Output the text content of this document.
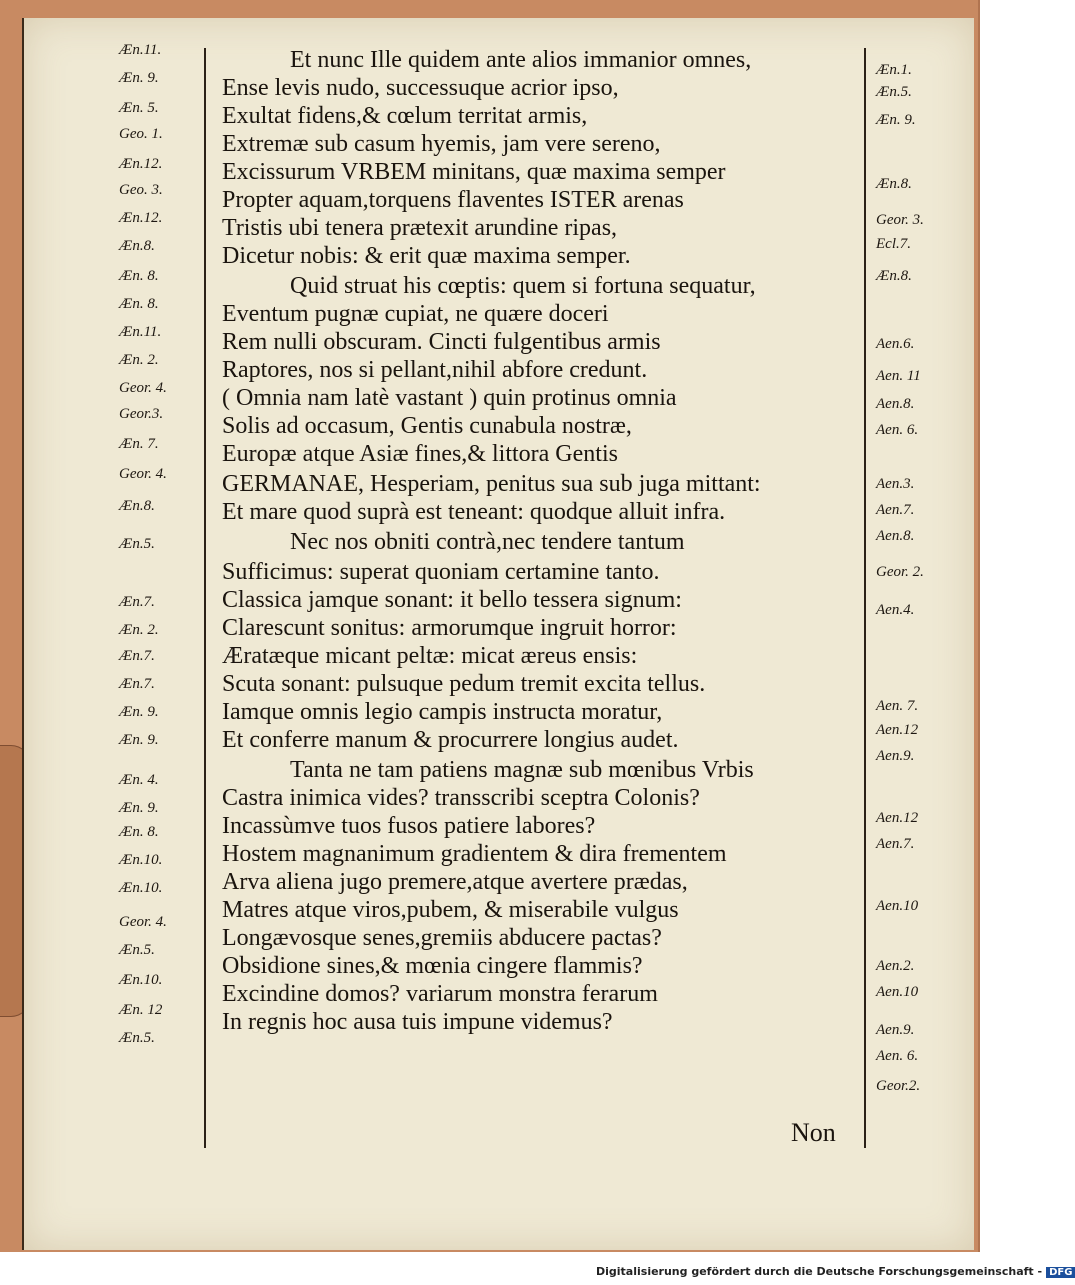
Æn.11.
Æn. 9.
Æn. 5.
Geo. 1.
Æn.12.
Geo. 3.
Æn.12.
Æn.8.
Æn. 8.
Æn. 8.
Æn.11.
Æn. 2.
Geor. 4.
Geor.3.
Æn. 7.
Geor. 4.
Æn.8.
Æn.5.
Æn.7.
Æn. 2.
Æn.7.
Æn.7.
Æn. 9.
Æn. 9.
Æn. 4.
Æn. 9.
Æn. 8.
Æn.10.
Æn.10.
Geor. 4.
Æn.5.
Æn.10.
Æn. 12
Æn.5.
Et nunc Ille quidem ante alios immanior omnes,
Ense levis nudo, successuque acrior ipso,
Exultat fidens,& cœlum territat armis,
Extremæ sub casum hyemis, jam vere sereno,
Excissurum VRBEM minitans, quæ maxima semper
Propter aquam,torquens flaventes ISTER arenas
Tristis ubi tenera prætexit arundine ripas,
Dicetur nobis: & erit quæ maxima semper.
Quid struat his cœptis: quem si fortuna sequatur,
Eventum pugnæ cupiat, ne quære doceri
Rem nulli obscuram. Cincti fulgentibus armis
Raptores, nos si pellant,nihil abfore credunt.
( Omnia nam latè vastant ) quin protinus omnia
Solis ad occasum, Gentis cunabula nostræ,
Europæ atque Asiæ fines,& littora Gentis
GERMANAE, Hesperiam, penitus sua sub juga mittant:
Et mare quod suprà est teneant: quodque alluit infra.
Nec nos obniti contrà,nec tendere tantum
Sufficimus: superat quoniam certamine tanto.
Classica jamque sonant: it bello tessera signum:
Clarescunt sonitus: armorumque ingruit horror:
Æratæque micant peltæ: micat æreus ensis:
Scuta sonant: pulsuque pedum tremit excita tellus.
Iamque omnis legio campis instructa moratur,
Et conferre manum & procurrere longius audet.
Tanta ne tam patiens magnæ sub mœnibus Vrbis
Castra inimica vides? transscribi sceptra Colonis?
Incassùmve tuos fusos patiere labores?
Hostem magnanimum gradientem & dira frementem
Arva aliena jugo premere,atque avertere prædas,
Matres atque viros,pubem, & miserabile vulgus
Longævosque senes,gremiis abducere pactas?
Obsidione sines,& mœnia cingere flammis?
Excindine domos? variarum monstra ferarum
In regnis hoc ausa tuis impune videmus?
Æn.1.
Æn.5.
Æn. 9.
Æn.8.
Geor. 3.
Ecl.7.
Æn.8.
Aen.6.
Aen. 11
Aen.8.
Aen. 6.
Aen.3.
Aen.7.
Aen.8.
Geor. 2.
Aen.4.
Aen. 7.
Aen.12
Aen.9.
Aen.12
Aen.7.
Aen.10
Aen.2.
Aen.10
Aen.9.
Aen. 6.
Geor.2.
Non
Digitalisierung gefördert durch die Deutsche Forschungsgemeinschaft - DFG
